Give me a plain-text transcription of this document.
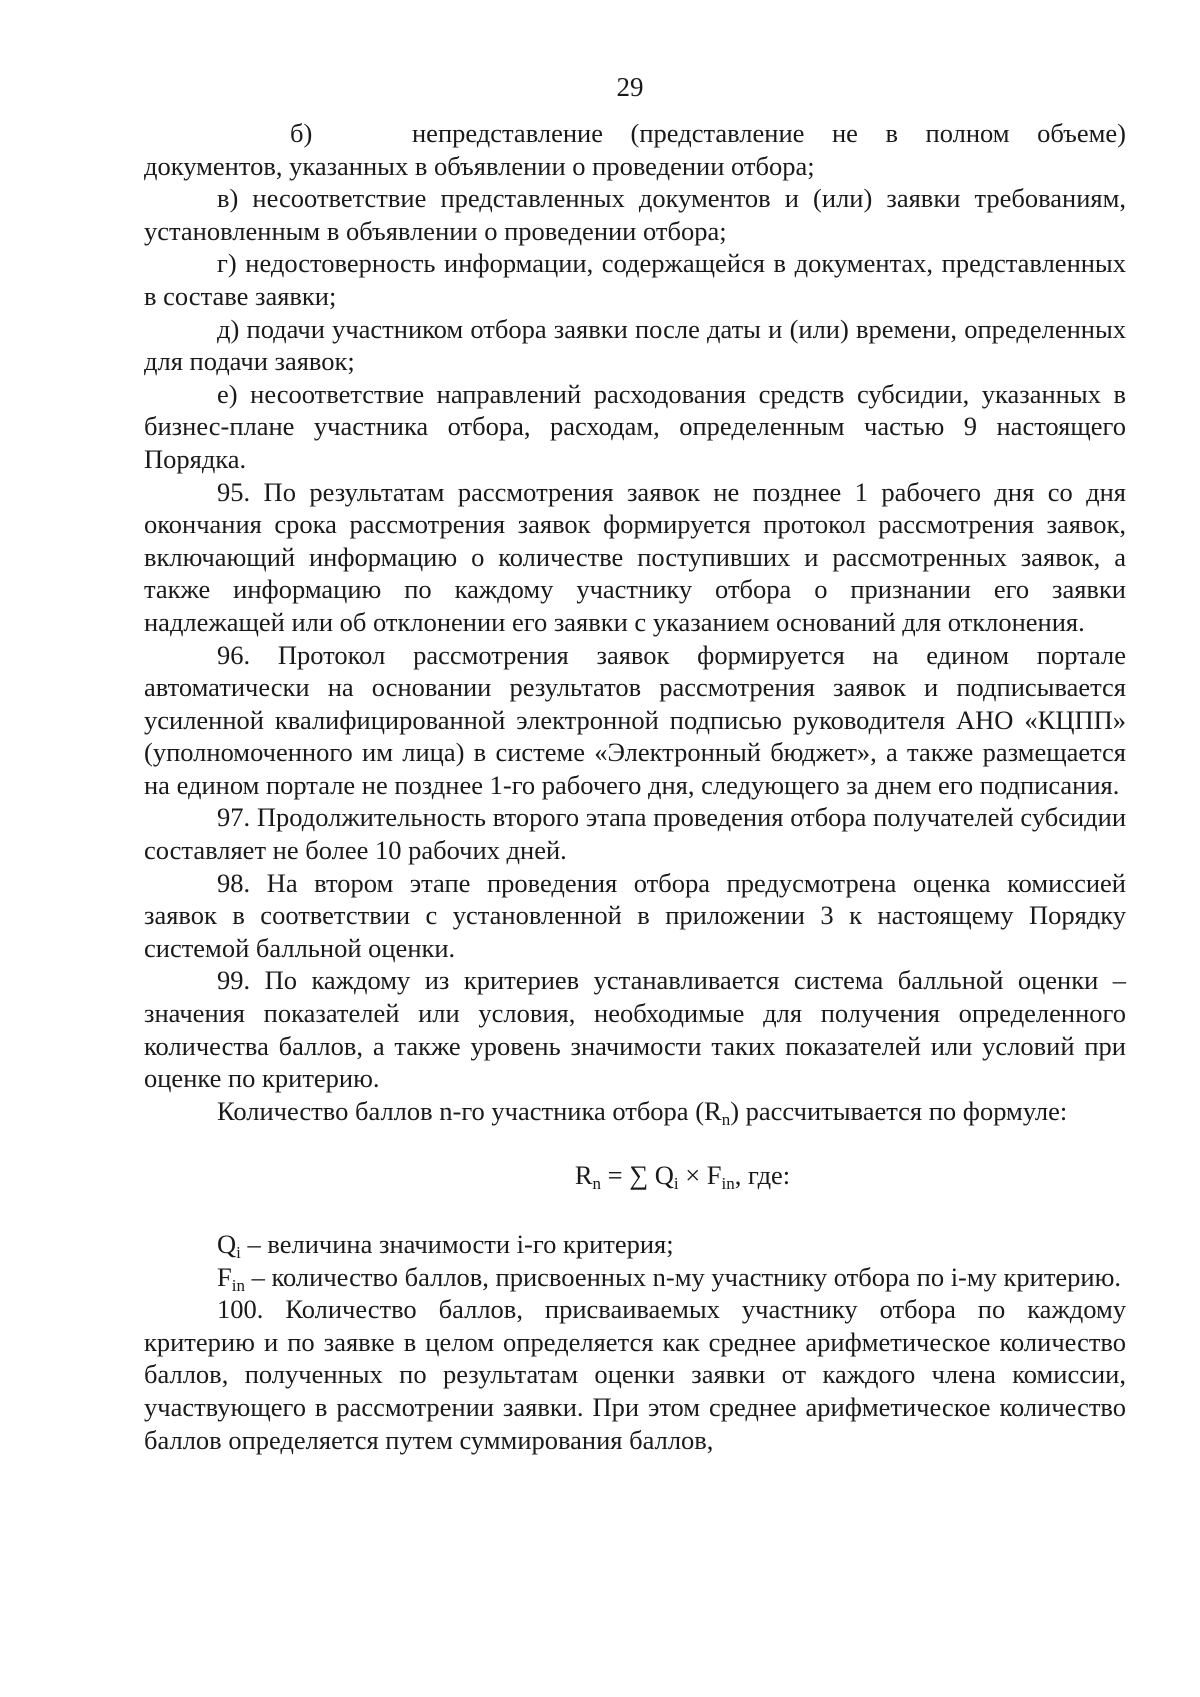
29

б)	непредставление (представление не в полном объеме) документов, указанных в объявлении о проведении отбора;

в) несоответствие представленных документов и (или) заявки требованиям, установленным в объявлении о проведении отбора;

г) недостоверность информации, содержащейся в документах, представленных в составе заявки;

д) подачи участником отбора заявки после даты и (или) времени, определенных для подачи заявок;

е) несоответствие направлений расходования средств субсидии, указанных в бизнес-плане участника отбора, расходам, определенным частью 9 настоящего Порядка.

95. По результатам рассмотрения заявок не позднее 1 рабочего дня со дня окончания срока рассмотрения заявок формируется протокол рассмотрения заявок, включающий информацию о количестве поступивших и рассмотренных заявок, а также информацию по каждому участнику отбора о признании его заявки надлежащей или об отклонении его заявки с указанием оснований для отклонения.

96. Протокол рассмотрения заявок формируется на едином портале автоматически на основании результатов рассмотрения заявок и подписывается усиленной квалифицированной электронной подписью руководителя АНО «КЦПП» (уполномоченного им лица) в системе «Электронный бюджет», а также размещается на едином портале не позднее 1-го рабочего дня, следующего за днем его подписания.

97. Продолжительность второго этапа проведения отбора получателей субсидии составляет не более 10 рабочих дней.

98. На втором этапе проведения отбора предусмотрена оценка комиссией заявок в соответствии с установленной в приложении 3 к настоящему Порядку системой балльной оценки.

99. По каждому из критериев устанавливается система балльной оценки – значения показателей или условия, необходимые для получения определенного количества баллов, а также уровень значимости таких показателей или условий при оценке по критерию.

Количество баллов n-го участника отбора $(R_n)$ рассчитывается по формуле:

$R_n$ = ∑ $Q_i \times F_{in}$, где:

$Q_i$ – величина значимости i-го критерия;

$F_{in}$ – количество баллов, присвоенных n-му участнику отбора по i-му критерию.

100. Количество баллов, присваиваемых участнику отбора по каждому критерию и по заявке в целом определяется как среднее арифметическое количество баллов, полученных по результатам оценки заявки от каждого члена комиссии, участвующего в рассмотрении заявки. При этом среднее арифметическое количество баллов определяется путем суммирования баллов,
